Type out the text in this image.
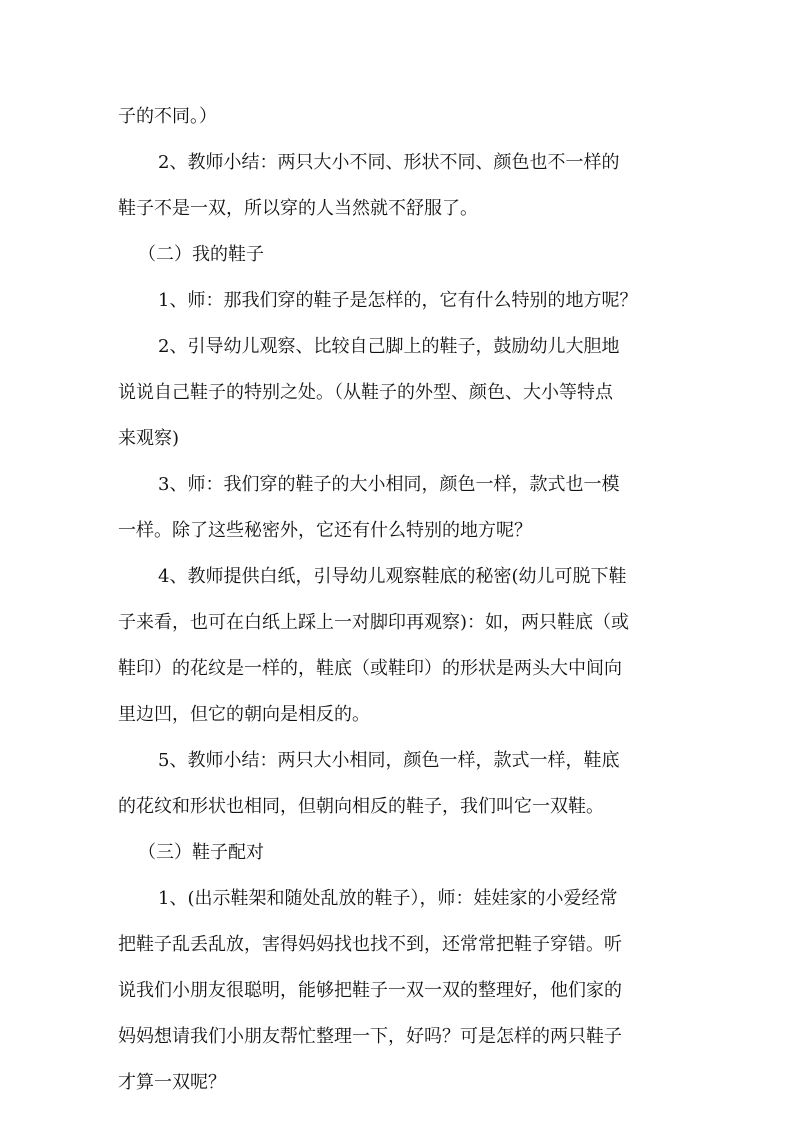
子的不同。）
2、教师小结：两只大小不同、形状不同、颜色也不一样的
鞋子不是一双，所以穿的人当然就不舒服了。
（二）我的鞋子
1、师：那我们穿的鞋子是怎样的，它有什么特别的地方呢？
2、引导幼儿观察、比较自己脚上的鞋子，鼓励幼儿大胆地
说说自己鞋子的特别之处。（从鞋子的外型、颜色、大小等特点
来观察)
3、师：我们穿的鞋子的大小相同，颜色一样，款式也一模
一样。除了这些秘密外，它还有什么特别的地方呢？
4、教师提供白纸，引导幼儿观察鞋底的秘密(幼儿可脱下鞋
子来看，也可在白纸上踩上一对脚印再观察)：如，两只鞋底（或
鞋印）的花纹是一样的，鞋底（或鞋印）的形状是两头大中间向
里边凹，但它的朝向是相反的。
5、教师小结：两只大小相同，颜色一样，款式一样，鞋底
的花纹和形状也相同，但朝向相反的鞋子，我们叫它一双鞋。
（三）鞋子配对
1、(出示鞋架和随处乱放的鞋子），师：娃娃家的小爱经常
把鞋子乱丢乱放，害得妈妈找也找不到，还常常把鞋子穿错。听
说我们小朋友很聪明，能够把鞋子一双一双的整理好，他们家的
妈妈想请我们小朋友帮忙整理一下，好吗？可是怎样的两只鞋子
才算一双呢？
